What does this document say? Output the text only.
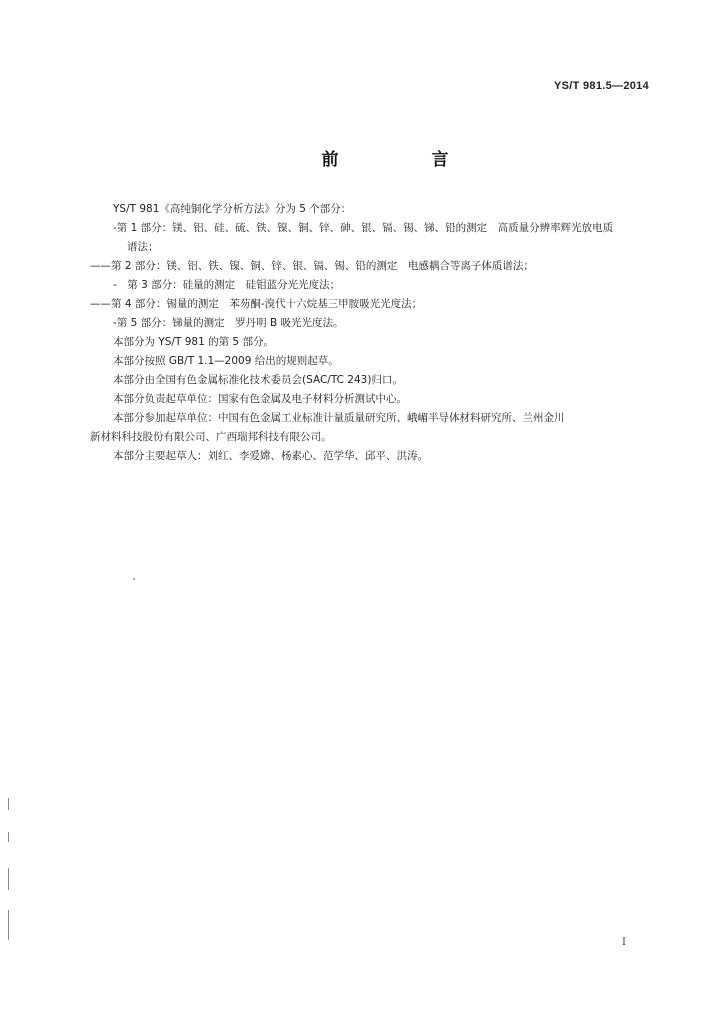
YS/T 981.5—2014
前　言
YS/T 981《高纯铜化学分析方法》分为 5 个部分：
-第 1 部分：镁、铝、硅、硫、铁、镍、铜、锌、砷、银、镉、锡、锑、铅的测定　高质量分辨率辉光放电质
谱法；
——第 2 部分：镁、铝、铁、镍、铜、锌、银、镉、锡、铅的测定　电感耦合等离子体质谱法；
-　第 3 部分：硅量的测定　硅钼蓝分光光度法；
——第 4 部分：锡量的测定　苯芴酮-溴代十六烷基三甲胺吸光光度法；
-第 5 部分：锑量的测定　罗丹明 B 吸光光度法。
本部分为 YS/T 981 的第 5 部分。
本部分按照 GB/T 1.1—2009 给出的规则起草。
本部分由全国有色金属标准化技术委员会(SAC/TC 243)归口。
本部分负责起草单位：国家有色金属及电子材料分析测试中心。
本部分参加起草单位：中国有色金属工业标准计量质量研究所、峨嵋半导体材料研究所、兰州金川
新材料科技股份有限公司、广西瑞邦科技有限公司。
本部分主要起草人：刘红、李爱嫦、杨素心、范学华、邱平、洪涛。
I
